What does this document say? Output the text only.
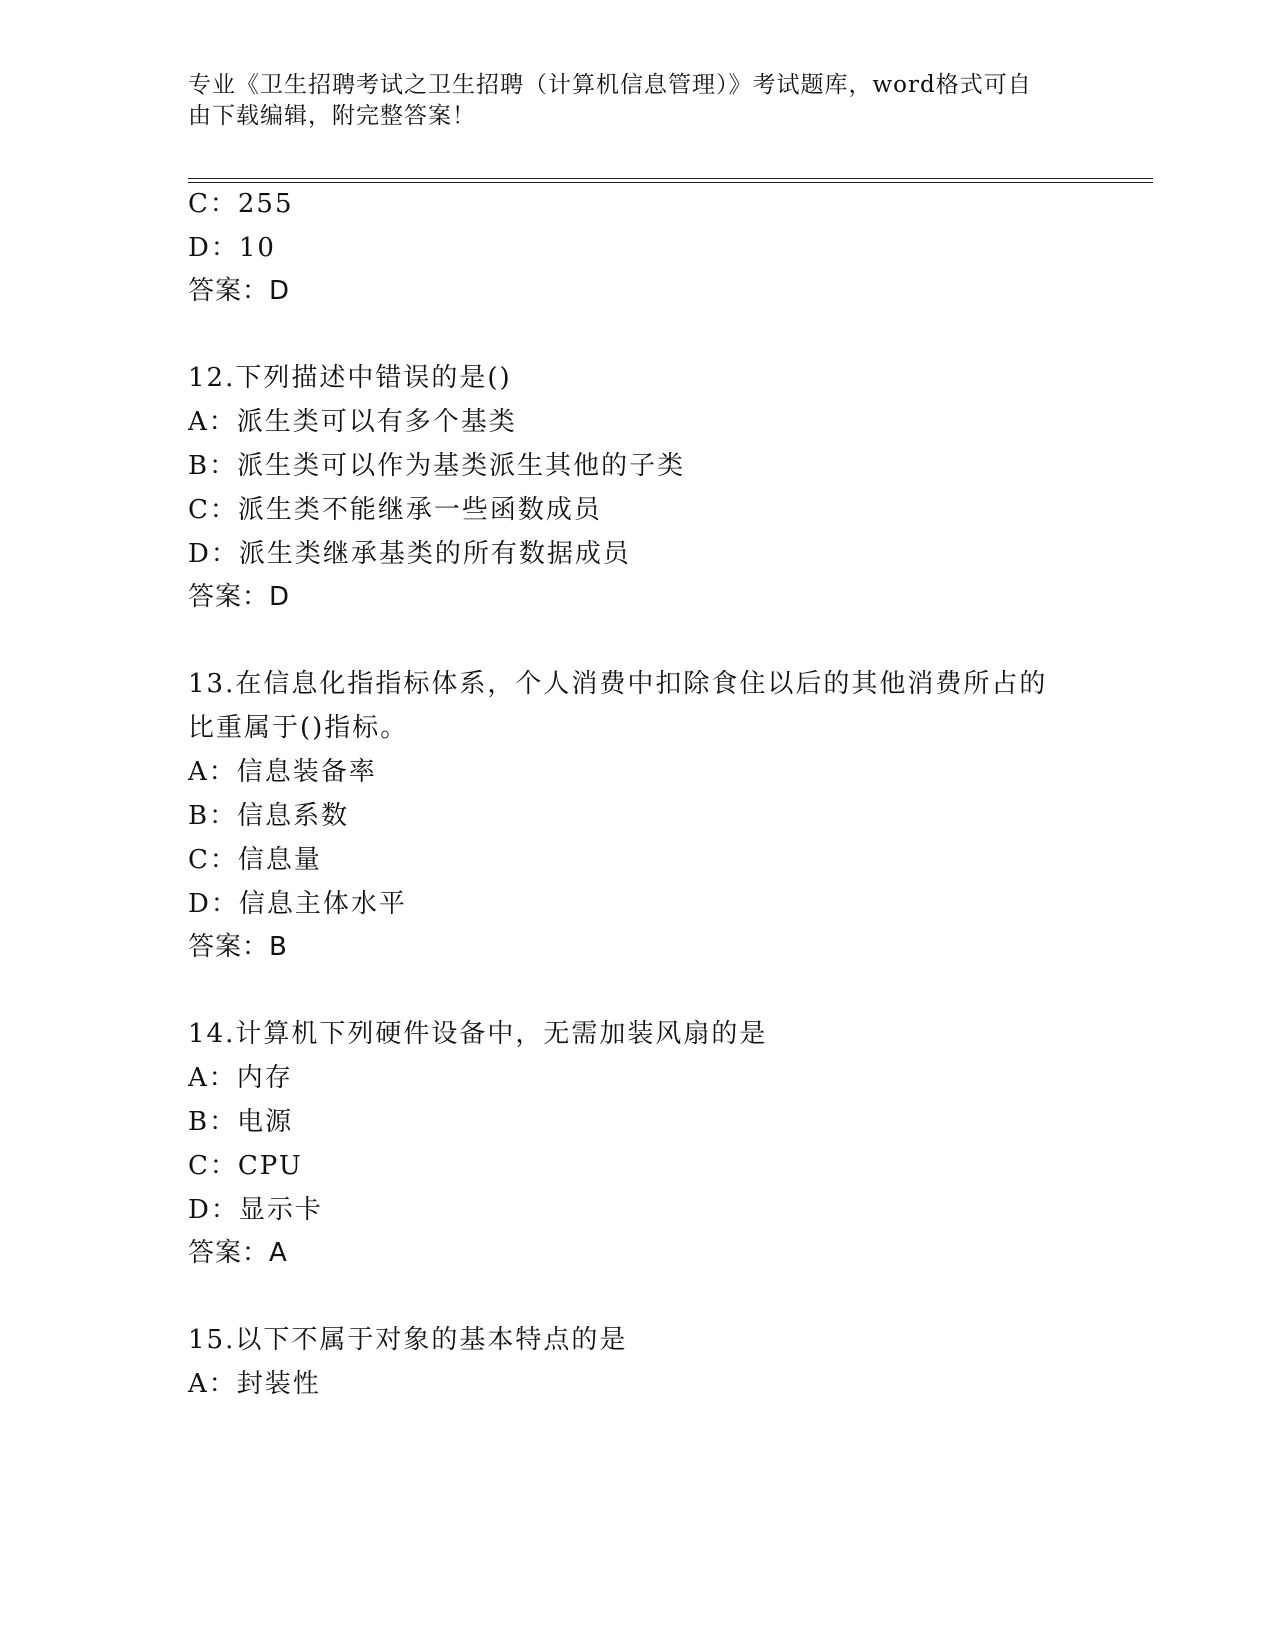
专业《卫生招聘考试之卫生招聘（计算机信息管理）》考试题库，word格式可自
由下载编辑，附完整答案！
C：255
D：10
答案：D
12.下列描述中错误的是()
A：派生类可以有多个基类
B：派生类可以作为基类派生其他的子类
C：派生类不能继承一些函数成员
D：派生类继承基类的所有数据成员
答案：D
13.在信息化指指标体系，个人消费中扣除食住以后的其他消费所占的
比重属于()指标。
A：信息装备率
B：信息系数
C：信息量
D：信息主体水平
答案：B
14.计算机下列硬件设备中，无需加装风扇的是
A：内存
B：电源
C：CPU
D：显示卡
答案：A
15.以下不属于对象的基本特点的是
A：封装性
